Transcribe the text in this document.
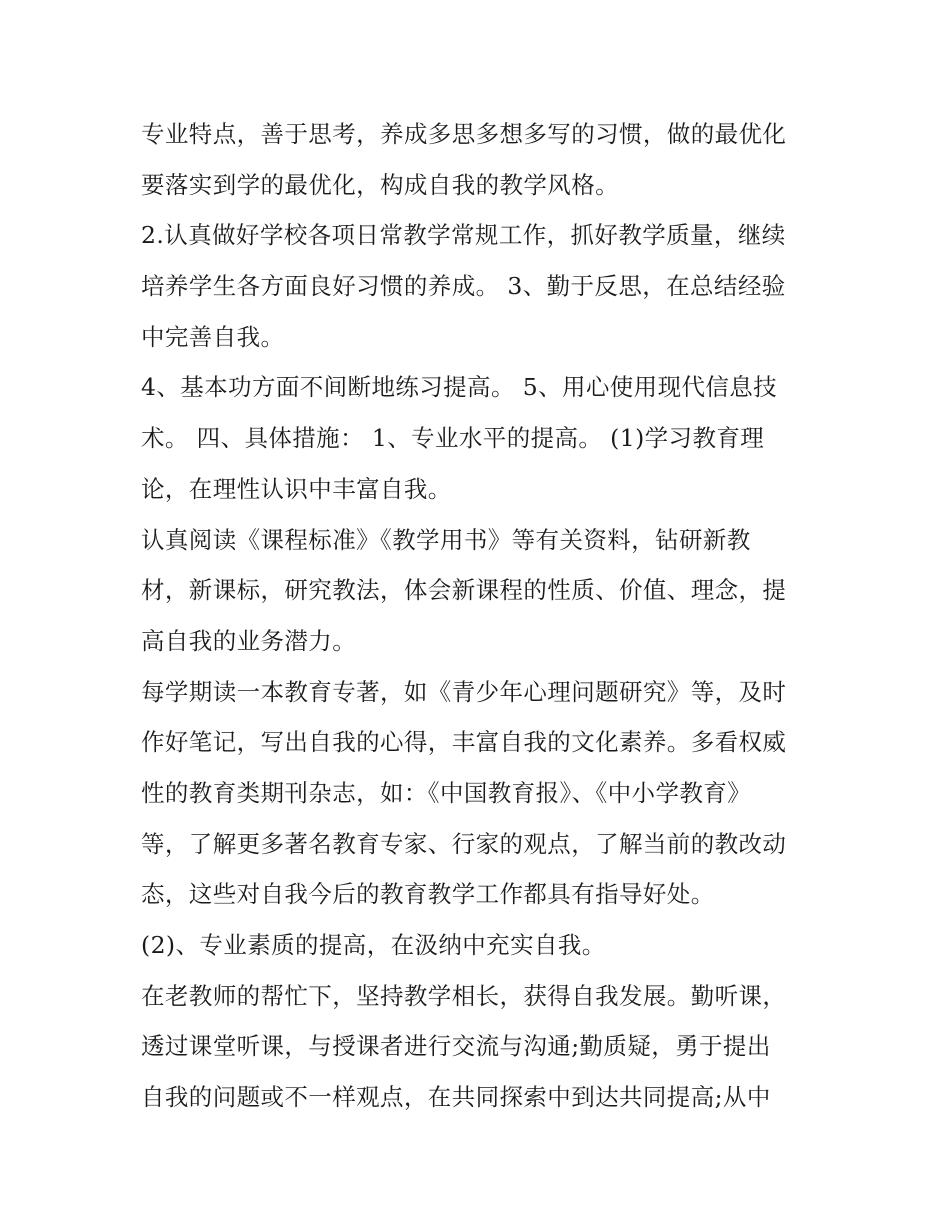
专业特点，善于思考，养成多思多想多写的习惯，做的最优化
要落实到学的最优化，构成自我的教学风格。
2.认真做好学校各项日常教学常规工作，抓好教学质量，继续
培养学生各方面良好习惯的养成。 3、勤于反思，在总结经验
中完善自我。
4、基本功方面不间断地练习提高。 5、用心使用现代信息技
术。 四、具体措施： 1、专业水平的提高。 (1)学习教育理
论，在理性认识中丰富自我。
认真阅读《课程标准》《教学用书》等有关资料，钻研新教
材，新课标，研究教法，体会新课程的性质、价值、理念，提
高自我的业务潜力。
每学期读一本教育专著，如《青少年心理问题研究》等，及时
作好笔记，写出自我的心得，丰富自我的文化素养。多看权威
性的教育类期刊杂志，如：《中国教育报》、《中小学教育》
等，了解更多著名教育专家、行家的观点，了解当前的教改动
态，这些对自我今后的教育教学工作都具有指导好处。
(2)、专业素质的提高，在汲纳中充实自我。
在老教师的帮忙下，坚持教学相长，获得自我发展。勤听课，
透过课堂听课，与授课者进行交流与沟通;勤质疑，勇于提出
自我的问题或不一样观点，在共同探索中到达共同提高;从中
